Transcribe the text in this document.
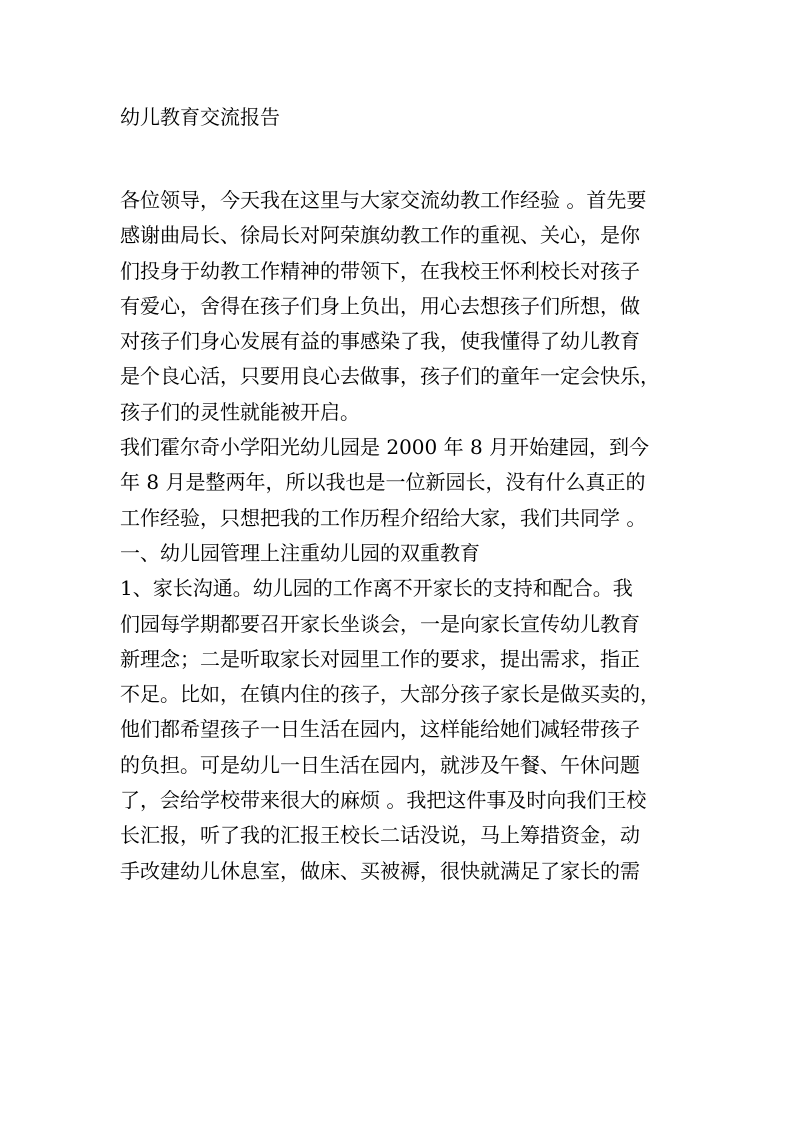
幼儿教育交流报告
各位领导，今天我在这里与大家交流幼教工作经验 。首先要
感谢曲局长、徐局长对阿荣旗幼教工作的重视、关心，是你
们投身于幼教工作精神的带领下，在我校王怀利校长对孩子
有爱心，舍得在孩子们身上负出，用心去想孩子们所想，做
对孩子们身心发展有益的事感染了我，使我懂得了幼儿教育
是个良心活，只要用良心去做事，孩子们的童年一定会快乐，
孩子们的灵性就能被开启。
我们霍尔奇小学阳光幼儿园是 2000 年 8 月开始建园，到今
年 8 月是整两年，所以我也是一位新园长，没有什么真正的
工作经验，只想把我的工作历程介绍给大家，我们共同学 。
一、幼儿园管理上注重幼儿园的双重教育
1、家长沟通。幼儿园的工作离不开家长的支持和配合。我
们园每学期都要召开家长坐谈会，一是向家长宣传幼儿教育
新理念；二是听取家长对园里工作的要求，提出需求，指正
不足。比如，在镇内住的孩子，大部分孩子家长是做买卖的，
他们都希望孩子一日生活在园内，这样能给她们减轻带孩子
的负担。可是幼儿一日生活在园内，就涉及午餐、午休问题
了，会给学校带来很大的麻烦 。我把这件事及时向我们王校
长汇报，听了我的汇报王校长二话没说，马上筹措资金，动
手改建幼儿休息室，做床、买被褥，很快就满足了家长的需
